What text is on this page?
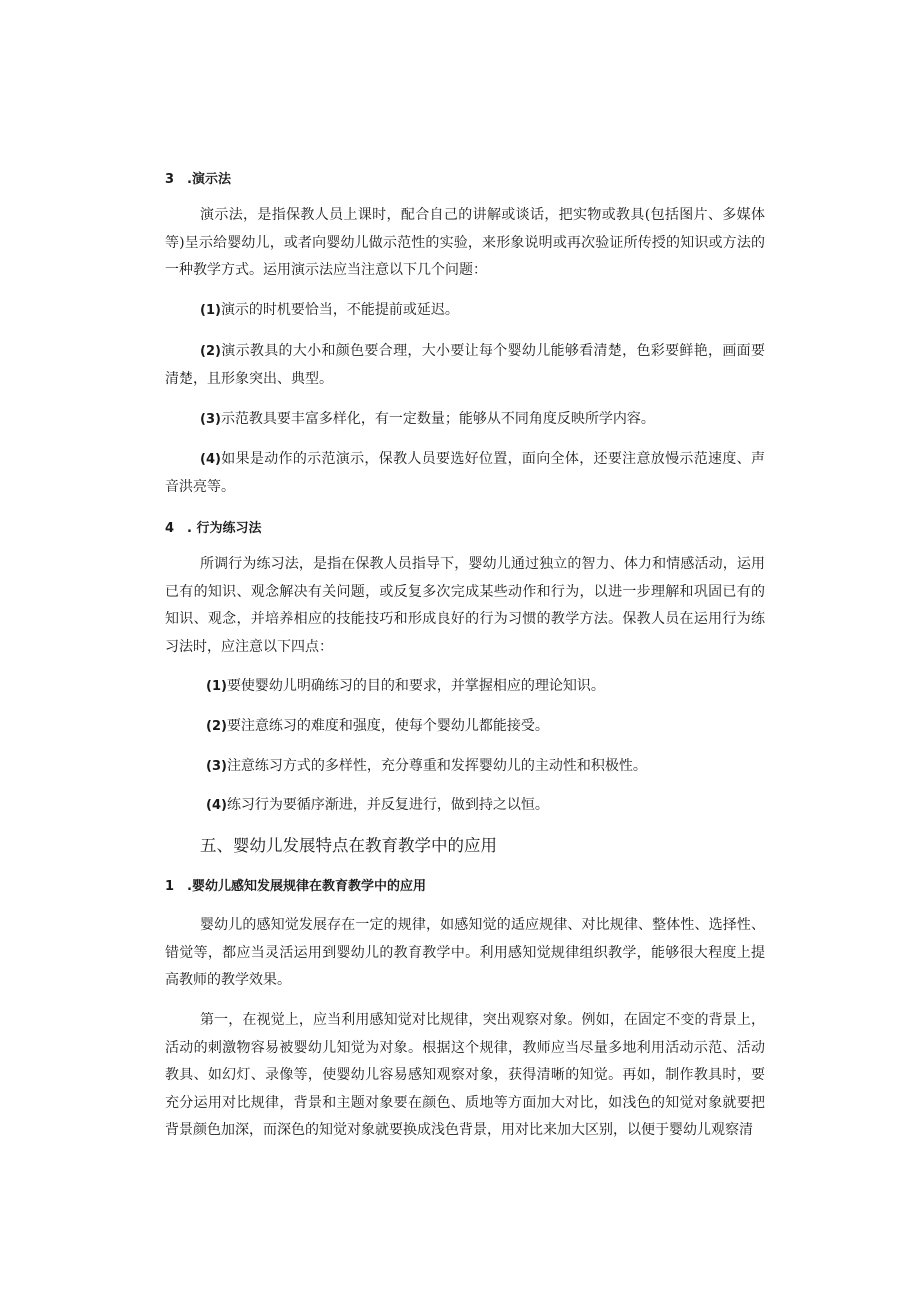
3　.演示法

演示法，是指保教人员上课时，配合自己的讲解或谈话，把实物或教具(包括图片、多媒体等)呈示给婴幼儿，或者向婴幼儿做示范性的实验，来形象说明或再次验证所传授的知识或方法的一种教学方式。运用演示法应当注意以下几个问题：

(1)演示的时机要恰当，不能提前或延迟。

(2)演示教具的大小和颜色要合理，大小要让每个婴幼儿能够看清楚，色彩要鲜艳，画面要清楚，且形象突出、典型。

(3)示范教具要丰富多样化，有一定数量；能够从不同角度反映所学内容。

(4)如果是动作的示范演示，保教人员要选好位置，面向全体，还要注意放慢示范速度、声音洪亮等。

4　. 行为练习法

所调行为练习法，是指在保教人员指导下，婴幼儿通过独立的智力、体力和情感活动，运用已有的知识、观念解决有关问题，或反复多次完成某些动作和行为，以进一步理解和巩固已有的知识、观念，并培养相应的技能技巧和形成良好的行为习惯的教学方法。保教人员在运用行为练习法时，应注意以下四点：

(1)要使婴幼儿明确练习的目的和要求，并掌握相应的理论知识。

(2)要注意练习的难度和强度，使每个婴幼儿都能接受。

(3)注意练习方式的多样性，充分尊重和发挥婴幼儿的主动性和积极性。

(4)练习行为要循序渐进，并反复进行，做到持之以恒。

五、婴幼儿发展特点在教育教学中的应用

1　.婴幼儿感知发展规律在教育教学中的应用

婴幼儿的感知觉发展存在一定的规律，如感知觉的适应规律、对比规律、整体性、选择性、错觉等，都应当灵活运用到婴幼儿的教育教学中。利用感知觉规律组织教学，能够很大程度上提高教师的教学效果。

第一，在视觉上，应当利用感知觉对比规律，突出观察对象。例如，在固定不变的背景上，活动的刺激物容易被婴幼儿知觉为对象。根据这个规律，教师应当尽量多地利用活动示范、活动教具、如幻灯、录像等，使婴幼儿容易感知观察对象，获得清晰的知觉。再如，制作教具时，要充分运用对比规律，背景和主题对象要在颜色、质地等方面加大对比，如浅色的知觉对象就要把背景颜色加深，而深色的知觉对象就要换成浅色背景，用对比来加大区别，以便于婴幼儿观察清
